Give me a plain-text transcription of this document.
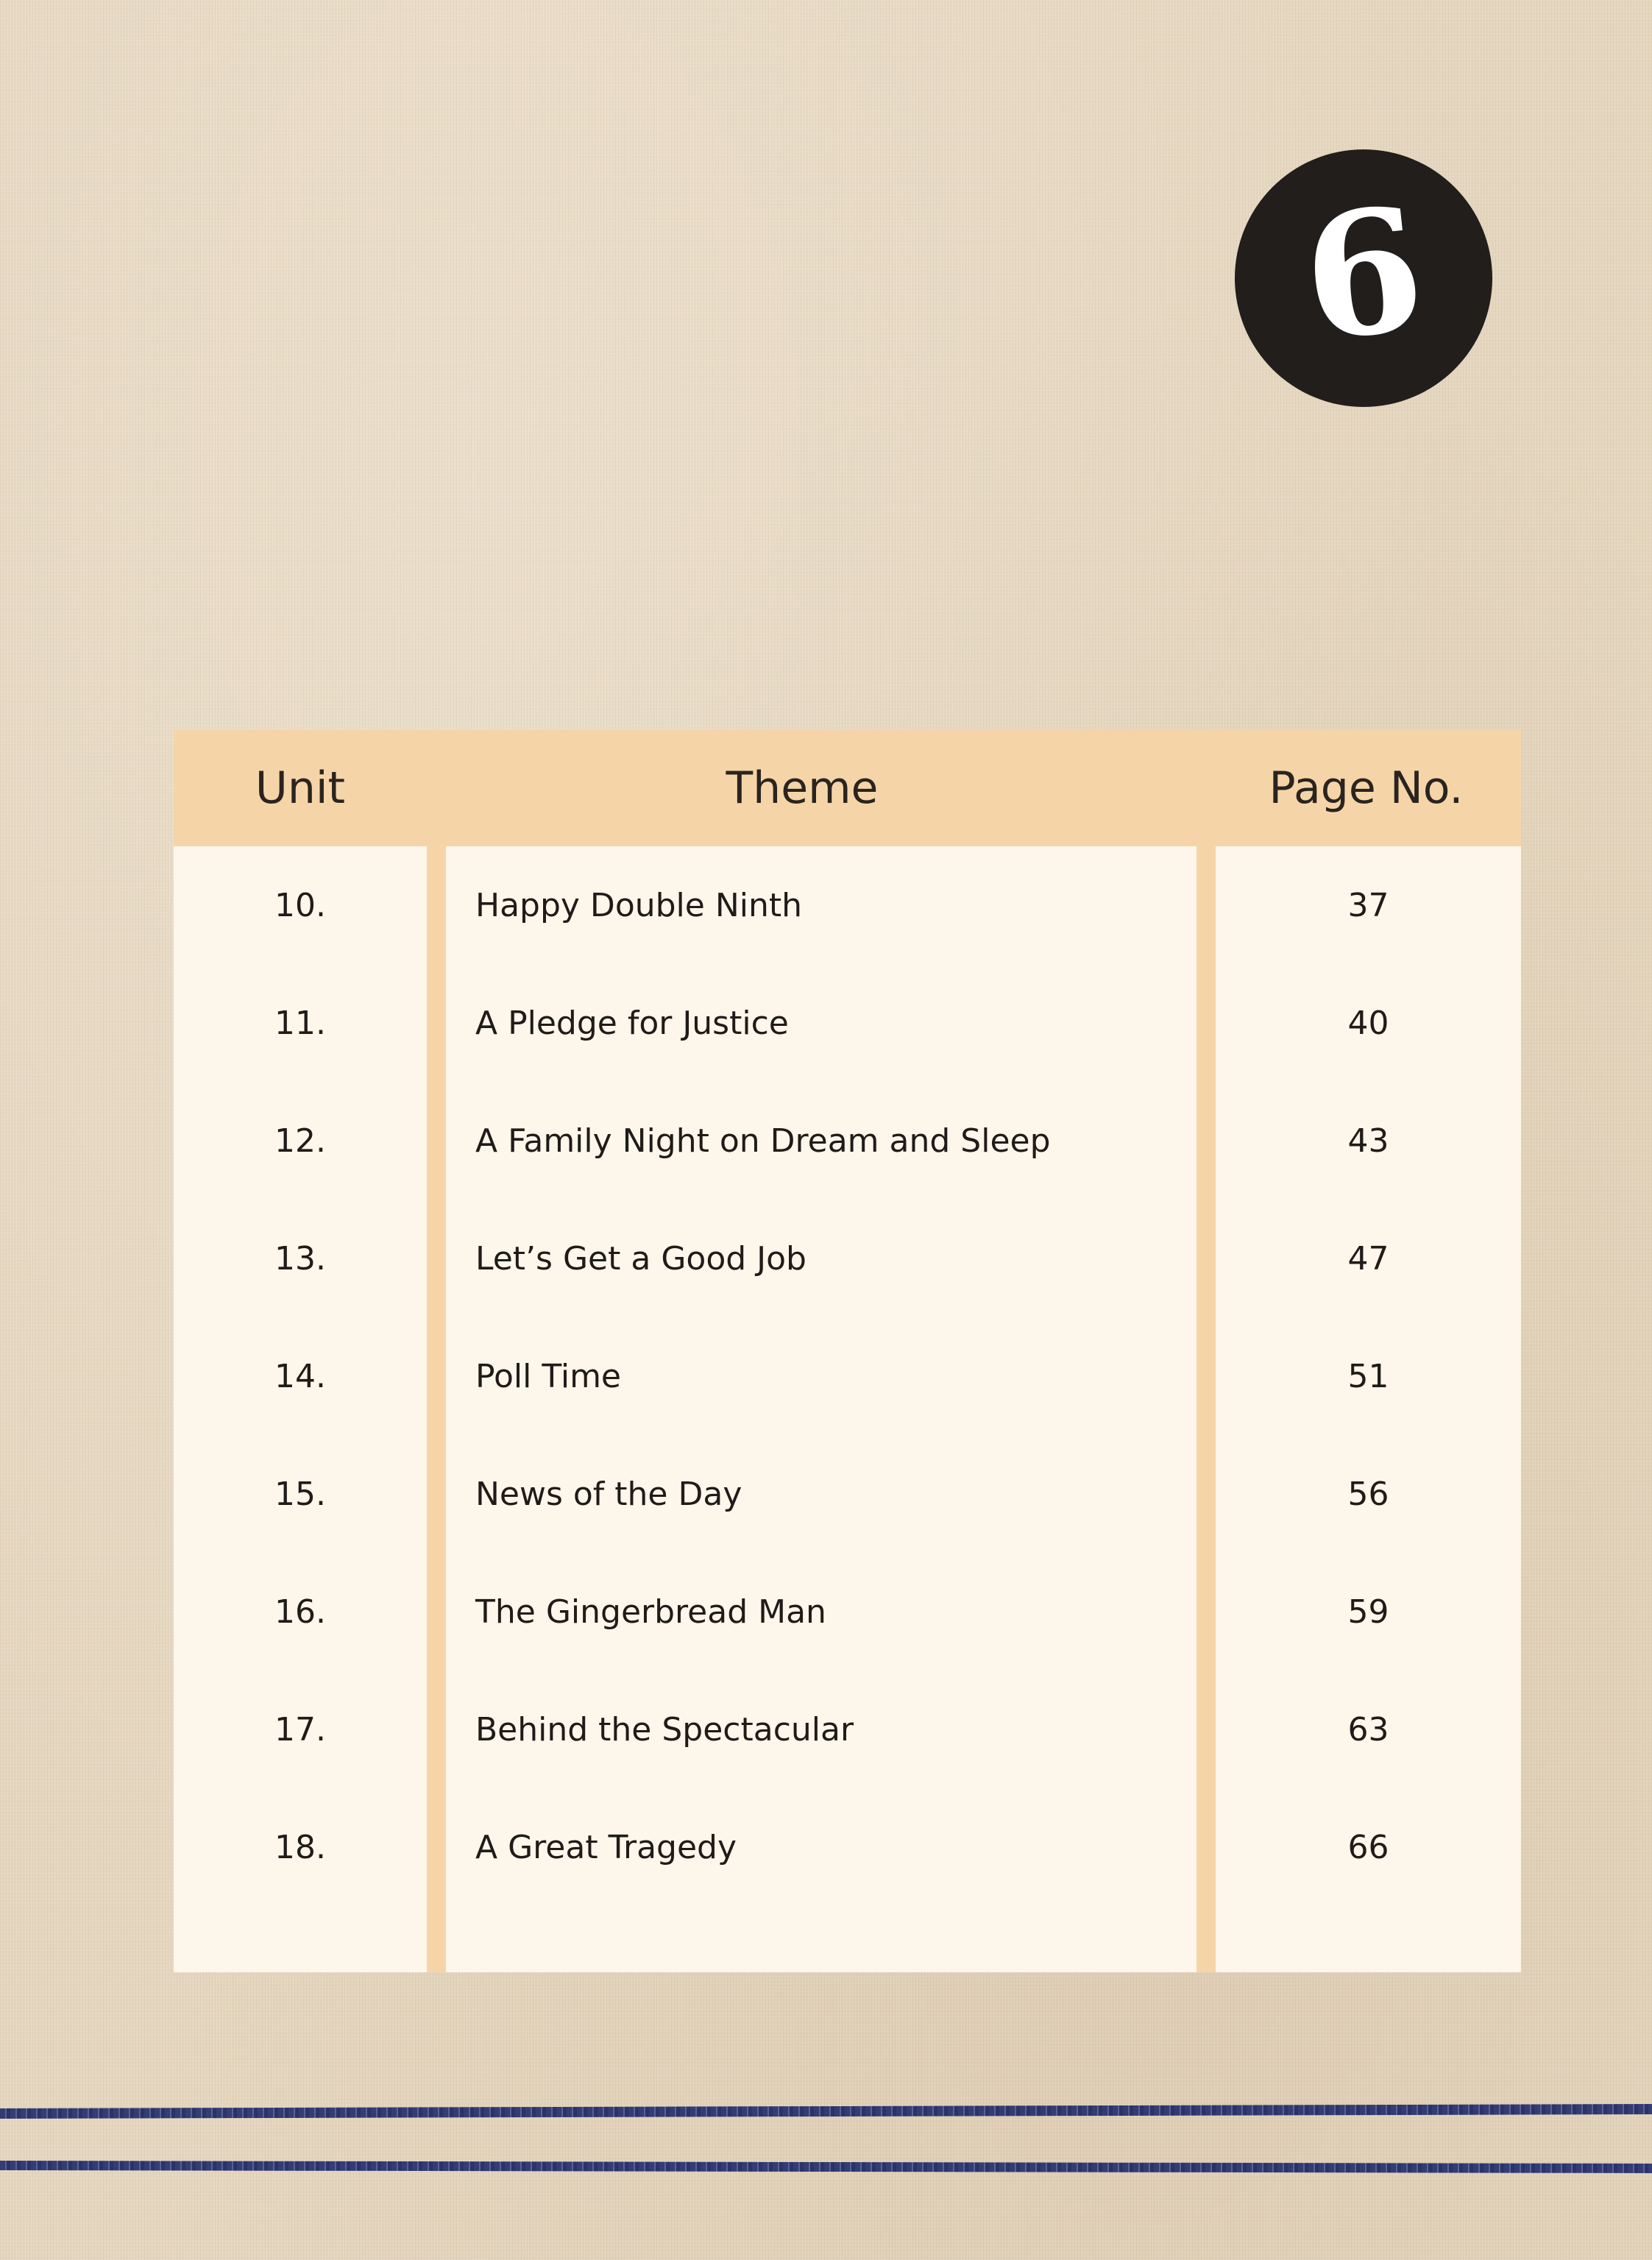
6
Unit	Theme	Page No.
10.	Happy Double Ninth	37
11.	A Pledge for Justice	40
12.	A Family Night on Dream and Sleep	43
13.	Let’s Get a Good Job	47
14.	Poll Time	51
15.	News of the Day	56
16.	The Gingerbread Man	59
17.	Behind the Spectacular	63
18.	A Great Tragedy	66
